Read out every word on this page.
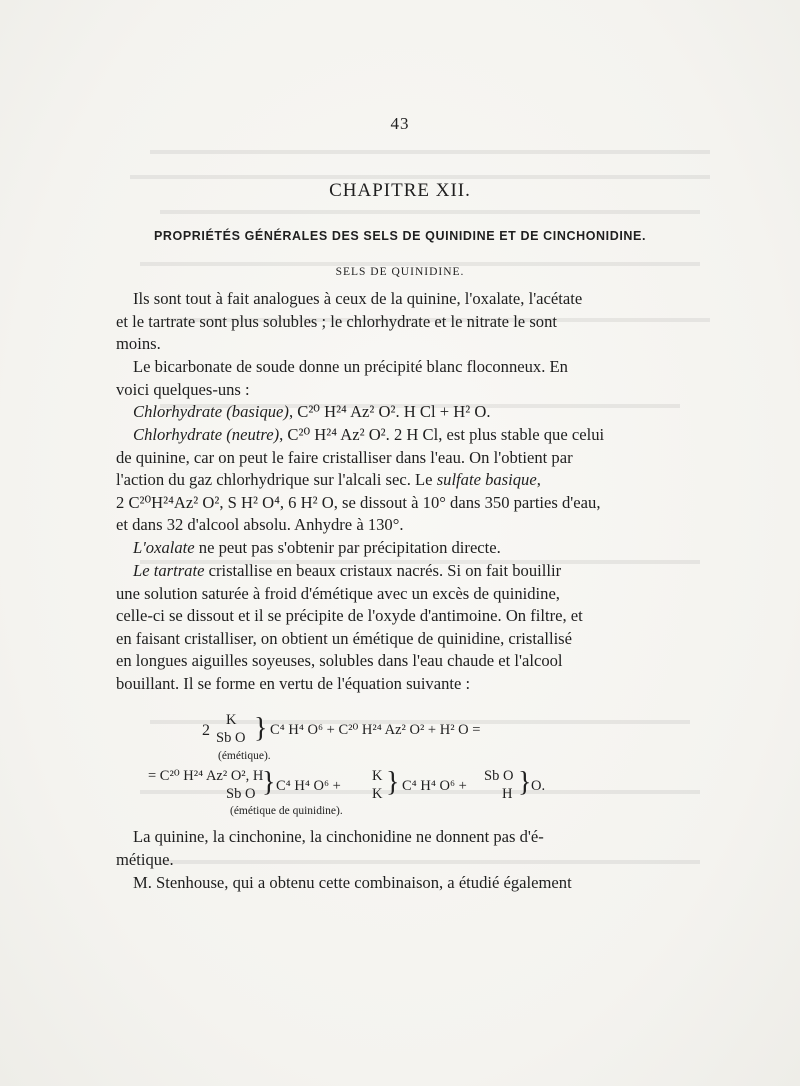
43
CHAPITRE XII.
PROPRIÉTÉS GÉNÉRALES DES SELS DE QUINIDINE ET DE CINCHONIDINE.
SELS DE QUINIDINE.

Ils sont tout à fait analogues à ceux de la quinine, l'oxalate, l'acétate

et le tartrate sont plus solubles ; le chlorhydrate et le nitrate le sont

moins.

Le bicarbonate de soude donne un précipité blanc floconneux. En

voici quelques-uns :

Chlorhydrate (basique), C²⁰ H²⁴ Az² O². H Cl + H² O.

Chlorhydrate (neutre), C²⁰ H²⁴ Az² O². 2 H Cl, est plus stable que celui

de quinine, car on peut le faire cristalliser dans l'eau. On l'obtient par

l'action du gaz chlorhydrique sur l'alcali sec. Le sulfate basique,

2 C²⁰H²⁴Az² O², S H² O⁴, 6 H² O, se dissout à 10° dans 350 parties d'eau,

et dans 32 d'alcool absolu. Anhydre à 130°.

L'oxalate ne peut pas s'obtenir par précipitation directe.

Le tartrate cristallise en beaux cristaux nacrés. Si on fait bouillir

une solution saturée à froid d'émétique avec un excès de quinidine,

celle-ci se dissout et il se précipite de l'oxyde d'antimoine. On filtre, et

en faisant cristalliser, on obtient un émétique de quinidine, cristallisé

en longues aiguilles soyeuses, solubles dans l'eau chaude et l'alcool

bouillant. Il se forme en vertu de l'équation suivante :

2
K
Sb O } C⁴ H⁴ O⁶ + C²⁰ H²⁴ Az² O² + H² O =
(émétique).
= C²⁰ H²⁴ Az² O², H
Sb O } C⁴ H⁴ O⁶ +
K
K } C⁴ H⁴ O⁶ +
Sb O
H } O.
(émétique de quinidine).

La quinine, la cinchonine, la cinchonidine ne donnent pas d'é-

métique.

M. Stenhouse, qui a obtenu cette combinaison, a étudié également
